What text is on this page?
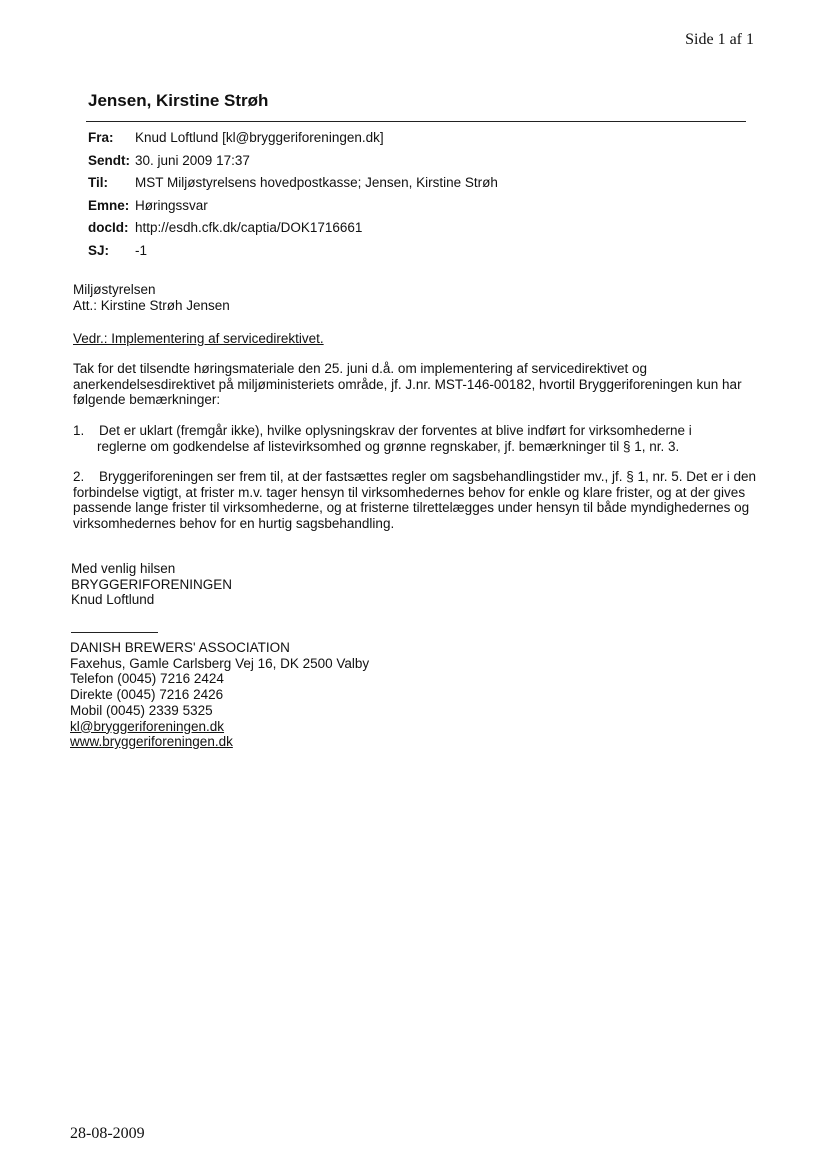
Side 1 af 1
Jensen, Kirstine Strøh
Fra:	Knud Loftlund [kl@bryggeriforeningen.dk]
Sendt: 30. juni 2009 17:37
Til:	MST Miljøstyrelsens hovedpostkasse; Jensen, Kirstine Strøh
Emne: Høringssvar
docId: http://esdh.cfk.dk/captia/DOK1716661
SJ:	-1
Miljøstyrelsen
Att.: Kirstine Strøh Jensen
Vedr.: Implementering af servicedirektivet.
Tak for det tilsendte høringsmateriale den 25. juni d.å. om implementering af servicedirektivet og anerkendelsesdirektivet på miljøministeriets område, jf. J.nr. MST-146-00182, hvortil Bryggeriforeningen kun har følgende bemærkninger:
1. Det er uklart (fremgår ikke), hvilke oplysningskrav der forventes at blive indført for virksomhederne i
reglerne om godkendelse af listevirksomhed og grønne regnskaber, jf. bemærkninger til § 1, nr. 3.
2.	Bryggeriforeningen ser frem til, at der fastsættes regler om sagsbehandlingstider mv., jf. § 1, nr. 5. Det er i den forbindelse vigtigt, at frister m.v. tager hensyn til virksomhedernes behov for enkle og klare frister, og at der gives passende lange frister til virksomhederne, og at fristerne tilrettelægges under hensyn til både myndighedernes og virksomhedernes behov for en hurtig sagsbehandling.
Med venlig hilsen
BRYGGERIFORENINGEN
Knud Loftlund
DANISH BREWERS' ASSOCIATION
Faxehus, Gamle Carlsberg Vej 16, DK 2500 Valby
Telefon (0045) 7216 2424
Direkte (0045) 7216 2426
Mobil (0045) 2339 5325
kl@bryggeriforeningen.dk
www.bryggeriforeningen.dk
28-08-2009
